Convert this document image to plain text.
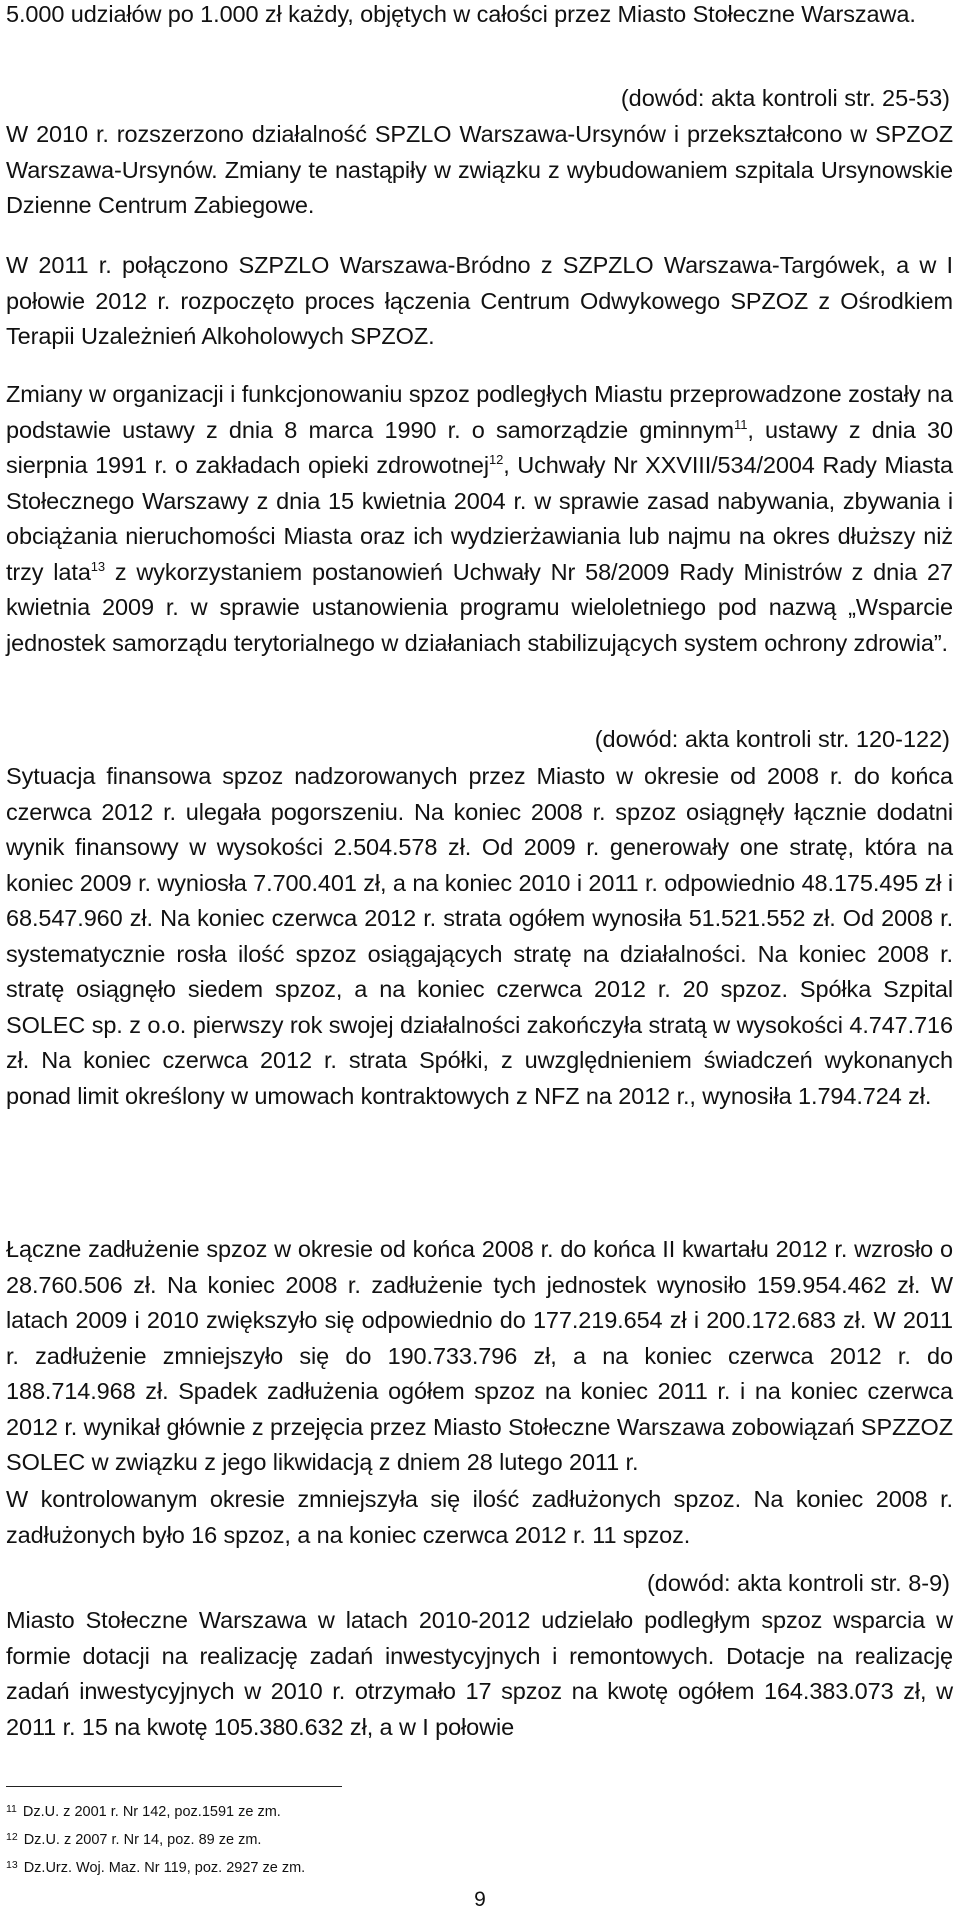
5.000 udziałów po 1.000 zł każdy, objętych w całości przez Miasto Stołeczne Warszawa.

(dowód: akta kontroli str. 25-53)

W 2010 r. rozszerzono działalność SPZLO Warszawa-Ursynów i przekształcono w SPZOZ Warszawa-Ursynów. Zmiany te nastąpiły w związku z wybudowaniem szpitala Ursynowskie Dzienne Centrum Zabiegowe.

W 2011 r. połączono SZPZLO Warszawa-Bródno z SZPZLO Warszawa-Targówek, a w I połowie 2012 r. rozpoczęto proces łączenia Centrum Odwykowego SPZOZ z Ośrodkiem Terapii Uzależnień Alkoholowych SPZOZ.

Zmiany w organizacji i funkcjonowaniu spzoz podległych Miastu przeprowadzone zostały na podstawie ustawy z dnia 8 marca 1990 r. o samorządzie gminnym$^{11}$, ustawy z dnia 30 sierpnia 1991 r. o zakładach opieki zdrowotnej$^{12}$, Uchwały Nr XXVIII/534/2004 Rady Miasta Stołecznego Warszawy z dnia 15 kwietnia 2004 r. w sprawie zasad nabywania, zbywania i obciążania nieruchomości Miasta oraz ich wydzierżawiania lub najmu na okres dłuższy niż trzy lata$^{13}$ z wykorzystaniem postanowień Uchwały Nr 58/2009 Rady Ministrów z dnia 27 kwietnia 2009 r. w sprawie ustanowienia programu wieloletniego pod nazwą „Wsparcie jednostek samorządu terytorialnego w działaniach stabilizujących system ochrony zdrowia”.

(dowód: akta kontroli str. 120-122)

Sytuacja finansowa spzoz nadzorowanych przez Miasto w okresie od 2008 r. do końca czerwca 2012 r. ulegała pogorszeniu. Na koniec 2008 r. spzoz osiągnęły łącznie dodatni wynik finansowy w wysokości 2.504.578 zł. Od 2009 r. generowały one stratę, która na koniec 2009 r. wyniosła 7.700.401 zł, a na koniec 2010 i 2011 r. odpowiednio 48.175.495 zł i 68.547.960 zł. Na koniec czerwca 2012 r. strata ogółem wynosiła 51.521.552 zł. Od 2008 r. systematycznie rosła ilość spzoz osiągających stratę na działalności. Na koniec 2008 r. stratę osiągnęło siedem spzoz, a na koniec czerwca 2012 r. 20 spzoz. Spółka Szpital SOLEC sp. z o.o. pierwszy rok swojej działalności zakończyła stratą w wysokości 4.747.716 zł. Na koniec czerwca 2012 r. strata Spółki, z uwzględnieniem świadczeń wykonanych ponad limit określony w umowach kontraktowych z NFZ na 2012 r., wynosiła 1.794.724 zł.

Łączne zadłużenie spzoz w okresie od końca 2008 r. do końca II kwartału 2012 r. wzrosło o 28.760.506 zł. Na koniec 2008 r. zadłużenie tych jednostek wynosiło 159.954.462 zł. W latach 2009 i 2010 zwiększyło się odpowiednio do 177.219.654 zł i 200.172.683 zł. W 2011 r. zadłużenie zmniejszyło się do 190.733.796 zł, a na koniec czerwca 2012 r. do 188.714.968 zł. Spadek zadłużenia ogółem spzoz na koniec 2011 r. i na koniec czerwca 2012 r. wynikał głównie z przejęcia przez Miasto Stołeczne Warszawa zobowiązań SPZZOZ SOLEC w związku z jego likwidacją z dniem 28 lutego 2011 r.

W kontrolowanym okresie zmniejszyła się ilość zadłużonych spzoz. Na koniec 2008 r. zadłużonych było 16 spzoz, a na koniec czerwca 2012 r. 11 spzoz.

(dowód: akta kontroli str. 8-9)

Miasto Stołeczne Warszawa w latach 2010-2012 udzielało podległym spzoz wsparcia w formie dotacji na realizację zadań inwestycyjnych i remontowych. Dotacje na realizację zadań inwestycyjnych w 2010 r. otrzymało 17 spzoz na kwotę ogółem 164.383.073 zł, w 2011 r. 15 na kwotę 105.380.632 zł, a w I połowie

$^{11}$ Dz.U. z 2001 r. Nr 142, poz.1591 ze zm.

$^{12}$ Dz.U. z 2007 r. Nr 14, poz. 89 ze zm.

$^{13}$ Dz.Urz. Woj. Maz. Nr 119, poz. 2927 ze zm.

9
